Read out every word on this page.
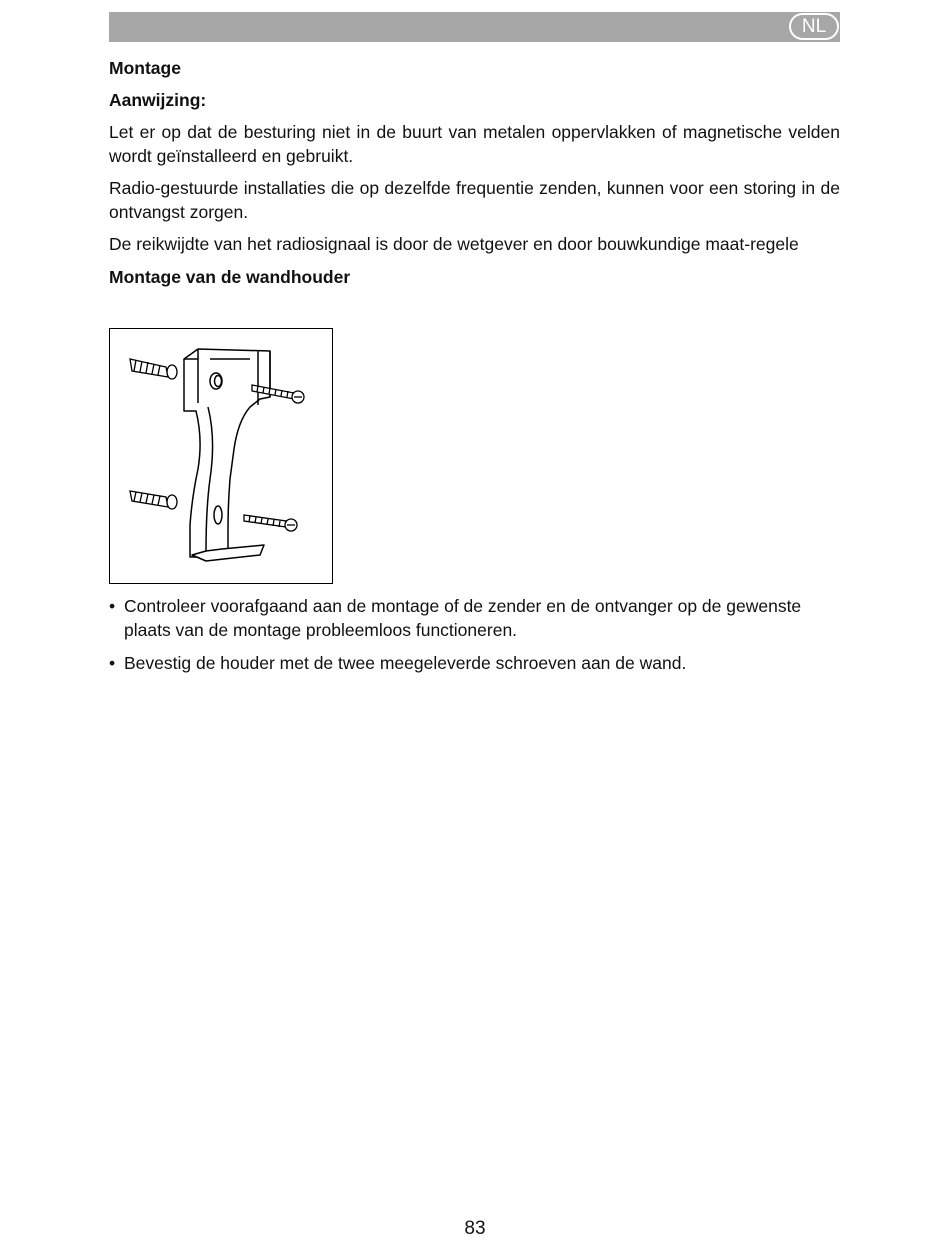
NL

Montage

Aanwijzing:

Let er op dat de besturing niet in de buurt van metalen oppervlakken of magnetische velden wordt geïnstalleerd en gebruikt.

Radio-gestuurde installaties die op dezelfde frequentie zenden, kunnen voor een storing in de ontvangst zorgen.

De reikwijdte van het radiosignaal is door de wetgever en door bouwkundige maat-regele

Montage van de wandhouder

• Controleer voorafgaand aan de montage of de zender en de ontvanger op de gewenste plaats van de montage probleemloos functioneren.
• Bevestig de houder met de twee meegeleverde schroeven aan de wand.
83
